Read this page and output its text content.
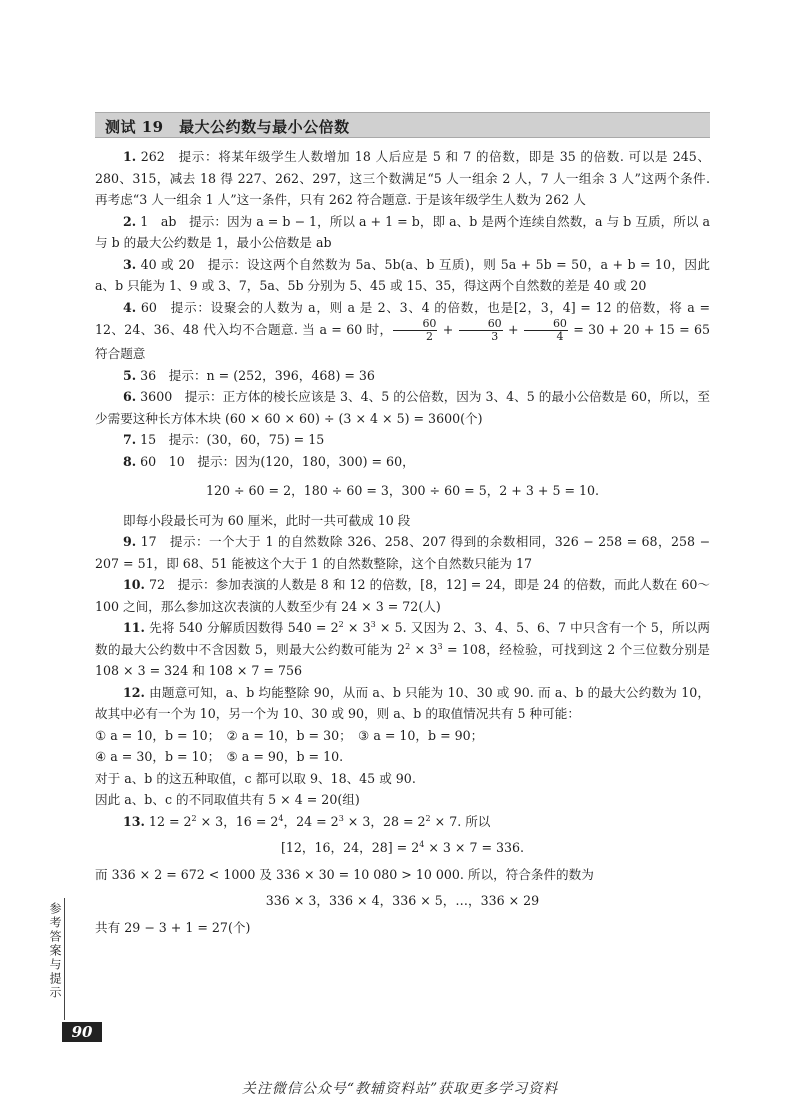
测试 19　最大公约数与最小公倍数

1. 262　提示：将某年级学生人数增加 18 人后应是 5 和 7 的倍数，即是 35 的倍数. 可以是 245、280、315，减去 18 得 227、262、297，这三个数满足“5 人一组余 2 人，7 人一组余 3 人”这两个条件. 再考虑“3 人一组余 1 人”这一条件，只有 262 符合题意. 于是该年级学生人数为 262 人

2. 1　ab　提示：因为 a = b − 1，所以 a + 1 = b，即 a、b 是两个连续自然数，a 与 b 互质，所以 a 与 b 的最大公约数是 1，最小公倍数是 ab

3. 40 或 20　提示：设这两个自然数为 5a、5b(a、b 互质)，则 5a + 5b = 50，a + b = 10，因此 a、b 只能为 1、9 或 3、7，5a、5b 分别为 5、45 或 15、35，得这两个自然数的差是 40 或 20

4. 60　提示：设聚会的人数为 a，则 a 是 2、3、4 的倍数，也是[2，3，4] = 12 的倍数，将 a = 12、24、36、48 代入均不合题意. 当 a = 60 时， $\frac{60}{2} + \frac{60}{3} + \frac{60}{4} = 30 + 20 + 15 = 65$ 符合题意

5. 36　提示：n = (252，396，468) = 36

6. 3600　提示：正方体的棱长应该是 3、4、5 的公倍数，因为 3、4、5 的最小公倍数是 60，所以，至少需要这种长方体木块 (60 × 60 × 60) ÷ (3 × 4 × 5) = 3600(个)

7. 15　提示：(30，60，75) = 15

8. 60　10　提示：因为(120，180，300) = 60，

120 ÷ 60 = 2，180 ÷ 60 = 3，300 ÷ 60 = 5，2 + 3 + 5 = 10.

即每小段最长可为 60 厘米，此时一共可截成 10 段

9. 17　提示：一个大于 1 的自然数除 326、258、207 得到的余数相同，326 − 258 = 68，258 − 207 = 51，即 68、51 能被这个大于 1 的自然数整除，这个自然数只能为 17

10. 72　提示：参加表演的人数是 8 和 12 的倍数，[8，12] = 24，即是 24 的倍数，而此人数在 60～100 之间，那么参加这次表演的人数至少有 24 × 3 = 72(人)

11. 先将 540 分解质因数得 $540 = 2^2 \times 3^3 \times 5$. 又因为 2、3、4、5、6、7 中只含有一个 5，所以两数的最大公约数中不含因数 5，则最大公约数可能为 $2^2 \times 3^3 = 108$，经检验，可找到这 2 个三位数分别是 108 × 3 = 324 和 108 × 7 = 756

12. 由题意可知，a、b 均能整除 90，从而 a、b 只能为 10、30 或 90. 而 a、b 的最大公约数为 10，故其中必有一个为 10，另一个为 10、30 或 90，则 a、b 的取值情况共有 5 种可能：

① a = 10，b = 10；　② a = 10，b = 30；　③ a = 10，b = 90；

④ a = 30，b = 10；　⑤ a = 90，b = 10.

对于 a、b 的这五种取值，c 都可以取 9、18、45 或 90.

因此 a、b、c 的不同取值共有 5 × 4 = 20(组)

13. $12 = 2^2 \times 3$，$16 = 2^4$，$24 = 2^3 \times 3$，$28 = 2^2 \times 7$. 所以

[12，16，24，$28] = 2^4 \times 3 \times 7 = 336$.

而 336 × 2 = 672 < 1000 及 336 × 30 = 10 080 > 10 000. 所以，符合条件的数为

336 × 3，336 × 4，336 × 5，…，336 × 29

共有 29 − 3 + 1 = 27(个)

参考答案与提示
90
关注微信公众号“教辅资料站”获取更多学习资料
